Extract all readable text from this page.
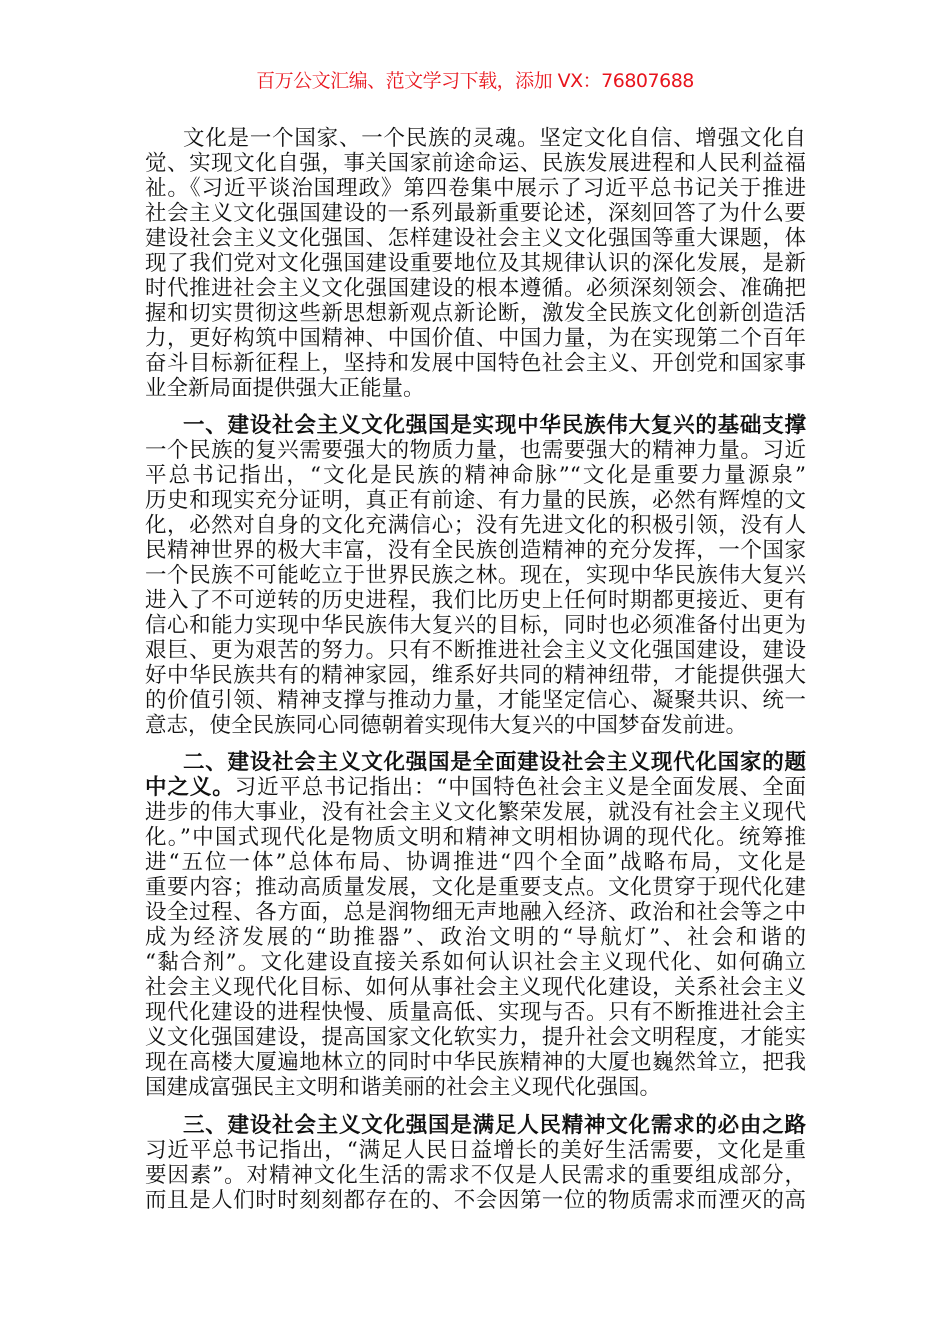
百万公文汇编、范文学习下载，添加 VX：76807688
文化是一个国家、一个民族的灵魂。坚定文化自信、增强文化自
觉、实现文化自强，事关国家前途命运、民族发展进程和人民利益福
祉。《习近平谈治国理政》第四卷集中展示了习近平总书记关于推进
社会主义文化强国建设的一系列最新重要论述，深刻回答了为什么要
建设社会主义文化强国、怎样建设社会主义文化强国等重大课题，体
现了我们党对文化强国建设重要地位及其规律认识的深化发展，是新
时代推进社会主义文化强国建设的根本遵循。必须深刻领会、准确把
握和切实贯彻这些新思想新观点新论断，激发全民族文化创新创造活
力，更好构筑中国精神、中国价值、中国力量，为在实现第二个百年
奋斗目标新征程上，坚持和发展中国特色社会主义、开创党和国家事
业全新局面提供强大正能量。
一、建设社会主义文化强国是实现中华民族伟大复兴的基础支撑
一个民族的复兴需要强大的物质力量，也需要强大的精神力量。习近
平总书记指出，“文化是民族的精神命脉”“文化是重要力量源泉”
历史和现实充分证明，真正有前途、有力量的民族，必然有辉煌的文
化，必然对自身的文化充满信心；没有先进文化的积极引领，没有人
民精神世界的极大丰富，没有全民族创造精神的充分发挥，一个国家
一个民族不可能屹立于世界民族之林。现在，实现中华民族伟大复兴
进入了不可逆转的历史进程，我们比历史上任何时期都更接近、更有
信心和能力实现中华民族伟大复兴的目标，同时也必须准备付出更为
艰巨、更为艰苦的努力。只有不断推进社会主义文化强国建设，建设
好中华民族共有的精神家园，维系好共同的精神纽带，才能提供强大
的价值引领、精神支撑与推动力量，才能坚定信心、凝聚共识、统一
意志，使全民族同心同德朝着实现伟大复兴的中国梦奋发前进。
二、建设社会主义文化强国是全面建设社会主义现代化国家的题
中之义。习近平总书记指出：“中国特色社会主义是全面发展、全面
进步的伟大事业，没有社会主义文化繁荣发展，就没有社会主义现代
化。”中国式现代化是物质文明和精神文明相协调的现代化。统筹推
进“五位一体”总体布局、协调推进“四个全面”战略布局，文化是
重要内容；推动高质量发展，文化是重要支点。文化贯穿于现代化建
设全过程、各方面，总是润物细无声地融入经济、政治和社会等之中
成为经济发展的“助推器”、政治文明的“导航灯”、社会和谐的
“黏合剂”。文化建设直接关系如何认识社会主义现代化、如何确立
社会主义现代化目标、如何从事社会主义现代化建设，关系社会主义
现代化建设的进程快慢、质量高低、实现与否。只有不断推进社会主
义文化强国建设，提高国家文化软实力，提升社会文明程度，才能实
现在高楼大厦遍地林立的同时中华民族精神的大厦也巍然耸立，把我
国建成富强民主文明和谐美丽的社会主义现代化强国。
三、建设社会主义文化强国是满足人民精神文化需求的必由之路
习近平总书记指出，“满足人民日益增长的美好生活需要，文化是重
要因素”。对精神文化生活的需求不仅是人民需求的重要组成部分，
而且是人们时时刻刻都存在的、不会因第一位的物质需求而湮灭的高
